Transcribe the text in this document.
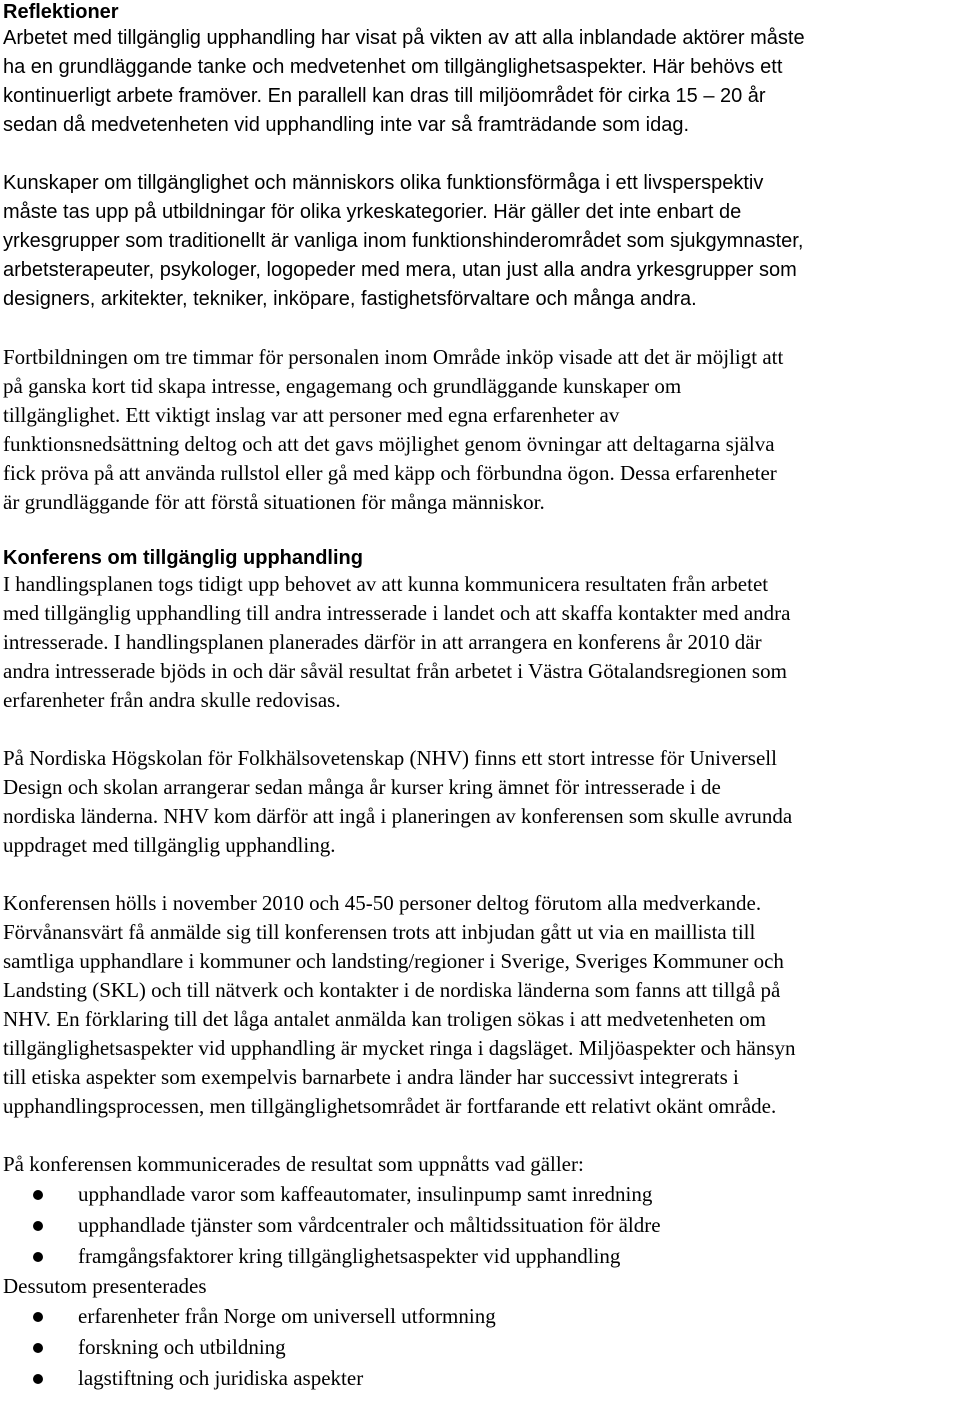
Reflektioner

Arbetet med tillgänglig upphandling har visat på vikten av att alla inblandade aktörer måste
ha en grundläggande tanke och medvetenhet om tillgänglighetsaspekter. Här behövs ett
kontinuerligt arbete framöver. En parallell kan dras till miljöområdet för cirka 15 – 20 år
sedan då medvetenheten vid upphandling inte var så framträdande som idag.

Kunskaper om tillgänglighet och människors olika funktionsförmåga i ett livsperspektiv
måste tas upp på utbildningar för olika yrkeskategorier. Här gäller det inte enbart de
yrkesgrupper som traditionellt är vanliga inom funktionshinderområdet som sjukgymnaster,
arbetsterapeuter, psykologer, logopeder med mera, utan just alla andra yrkesgrupper som
designers, arkitekter, tekniker, inköpare, fastighetsförvaltare och många andra.

Fortbildningen om tre timmar för personalen inom Område inköp visade att det är möjligt att
på ganska kort tid skapa intresse, engagemang och grundläggande kunskaper om
tillgänglighet. Ett viktigt inslag var att personer med egna erfarenheter av
funktionsnedsättning deltog och att det gavs möjlighet genom övningar att deltagarna själva
fick pröva på att använda rullstol eller gå med käpp och förbundna ögon. Dessa erfarenheter
är grundläggande för att förstå situationen för många människor.

Konferens om tillgänglig upphandling

I handlingsplanen togs tidigt upp behovet av att kunna kommunicera resultaten från arbetet
med tillgänglig upphandling till andra intresserade i landet och att skaffa kontakter med andra
intresserade. I handlingsplanen planerades därför in att arrangera en konferens år 2010 där
andra intresserade bjöds in och där såväl resultat från arbetet i Västra Götalandsregionen som
erfarenheter från andra skulle redovisas.

På Nordiska Högskolan för Folkhälsovetenskap (NHV) finns ett stort intresse för Universell
Design och skolan arrangerar sedan många år kurser kring ämnet för intresserade i de
nordiska länderna. NHV kom därför att ingå i planeringen av konferensen som skulle avrunda
uppdraget med tillgänglig upphandling.

Konferensen hölls i november 2010 och 45-50 personer deltog förutom alla medverkande.
Förvånansvärt få anmälde sig till konferensen trots att inbjudan gått ut via en maillista till
samtliga upphandlare i kommuner och landsting/regioner i Sverige, Sveriges Kommuner och
Landsting (SKL) och till nätverk och kontakter i de nordiska länderna som fanns att tillgå på
NHV. En förklaring till det låga antalet anmälda kan troligen sökas i att medvetenheten om
tillgänglighetsaspekter vid upphandling är mycket ringa i dagsläget. Miljöaspekter och hänsyn
till etiska aspekter som exempelvis barnarbete i andra länder har successivt integrerats i
upphandlingsprocessen, men tillgänglighetsområdet är fortfarande ett relativt okänt område.

På konferensen kommunicerades de resultat som uppnåtts vad gäller:

upphandlade varor som kaffeautomater, insulinpump samt inredning
upphandlade tjänster som vårdcentraler och måltidssituation för äldre
framgångsfaktorer kring tillgänglighetsaspekter vid upphandling

Dessutom presenterades

erfarenheter från Norge om universell utformning
forskning och utbildning
lagstiftning och juridiska aspekter
